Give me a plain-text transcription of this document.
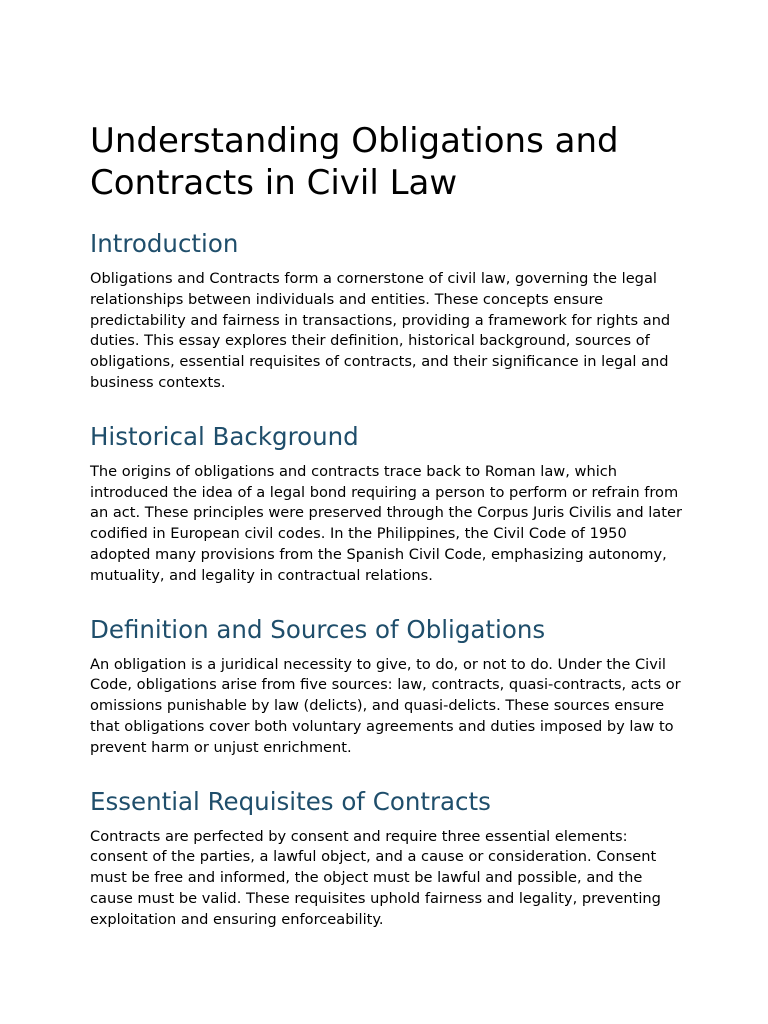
Understanding Obligations and Contracts in Civil Law
Introduction

Obligations and Contracts form a cornerstone of civil law, governing the legal relationships between individuals and entities. These concepts ensure predictability and fairness in transactions, providing a framework for rights and duties. This essay explores their definition, historical background, sources of obligations, essential requisites of contracts, and their significance in legal and business contexts.

Historical Background

The origins of obligations and contracts trace back to Roman law, which introduced the idea of a legal bond requiring a person to perform or refrain from an act. These principles were preserved through the Corpus Juris Civilis and later codified in European civil codes. In the Philippines, the Civil Code of 1950 adopted many provisions from the Spanish Civil Code, emphasizing autonomy, mutuality, and legality in contractual relations.

Definition and Sources of Obligations

An obligation is a juridical necessity to give, to do, or not to do. Under the Civil Code, obligations arise from five sources: law, contracts, quasi-contracts, acts or omissions punishable by law (delicts), and quasi-delicts. These sources ensure that obligations cover both voluntary agreements and duties imposed by law to prevent harm or unjust enrichment.

Essential Requisites of Contracts

Contracts are perfected by consent and require three essential elements: consent of the parties, a lawful object, and a cause or consideration. Consent must be free and informed, the object must be lawful and possible, and the cause must be valid. These requisites uphold fairness and legality, preventing exploitation and ensuring enforceability.
